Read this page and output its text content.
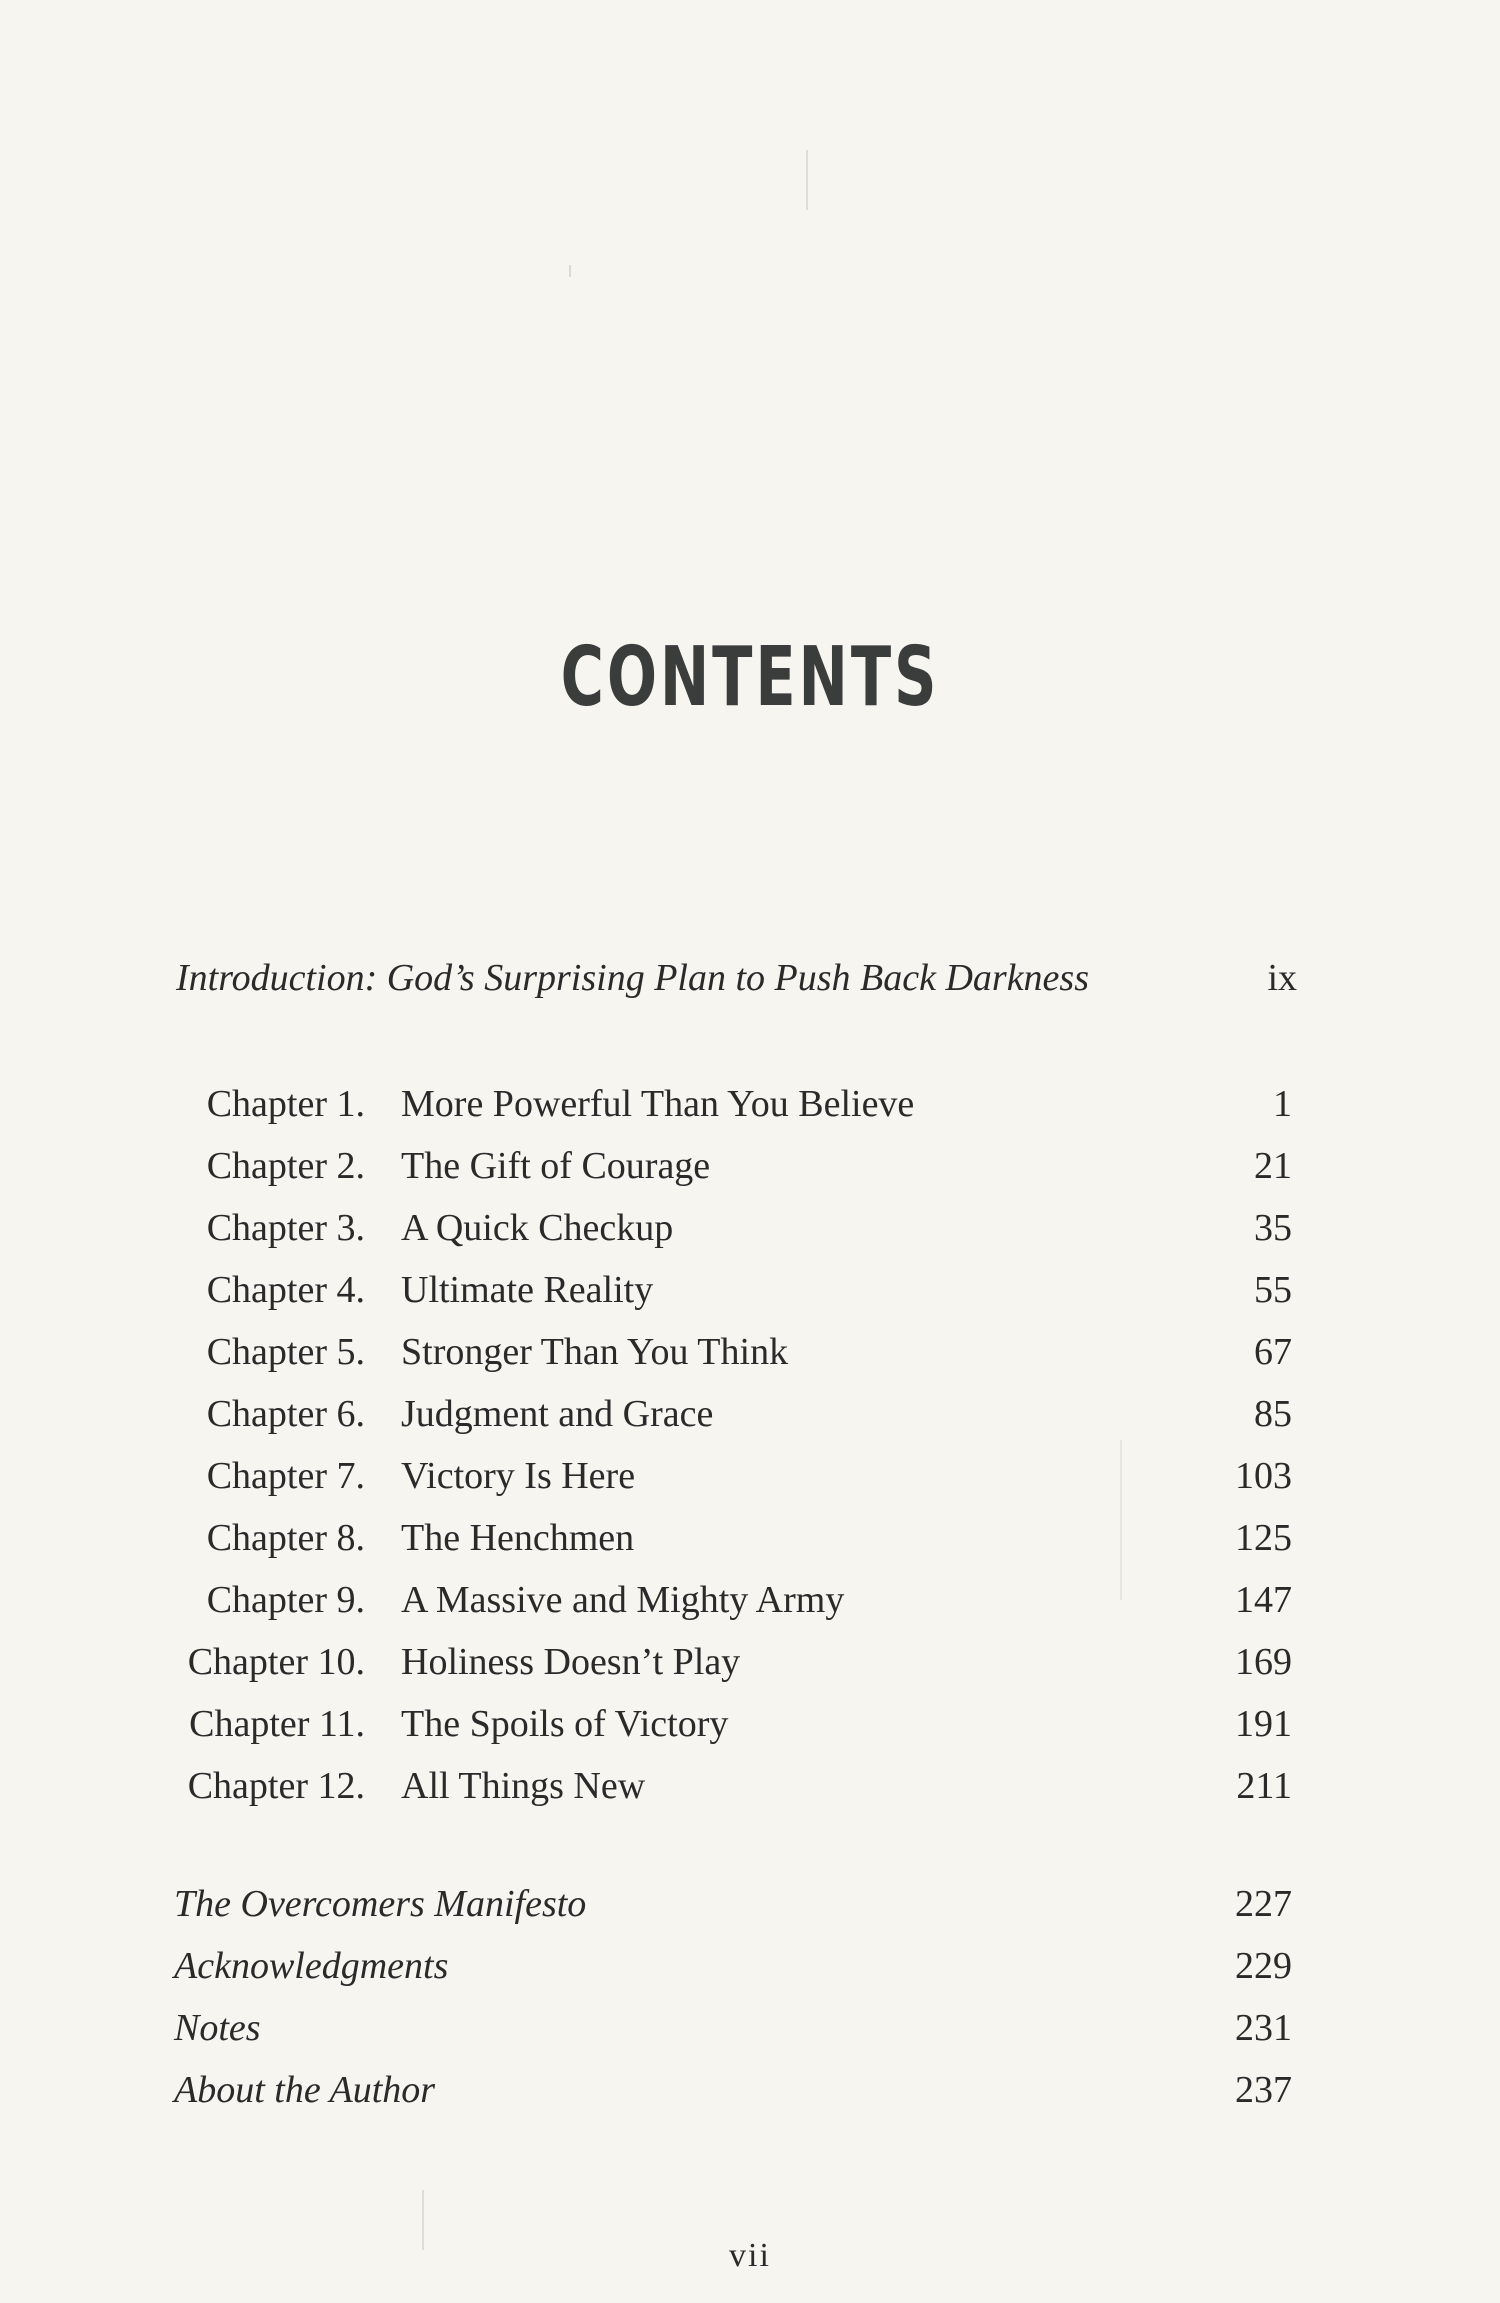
CONTENTS
Introduction: God’s Surprising Plan to Push Back Darkness	ix
Chapter 1. More Powerful Than You Believe	1
Chapter 2. The Gift of Courage	21
Chapter 3. A Quick Checkup	35
Chapter 4. Ultimate Reality	55
Chapter 5. Stronger Than You Think	67
Chapter 6. Judgment and Grace	85
Chapter 7. Victory Is Here	103
Chapter 8. The Henchmen	125
Chapter 9. A Massive and Mighty Army	147
Chapter 10. Holiness Doesn’t Play	169
Chapter 11. The Spoils of Victory	191
Chapter 12. All Things New	211
The Overcomers Manifesto	227
Acknowledgments	229
Notes	231
About the Author	237
vii
